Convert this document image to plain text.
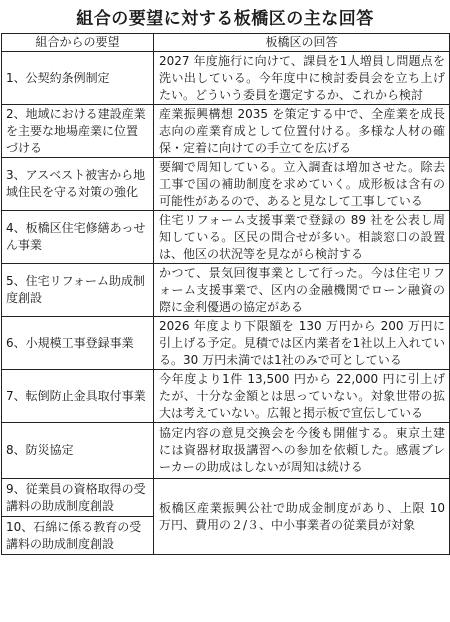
組合の要望に対する板橋区の主な回答
組合からの要望	板橋区の回答
1、公契約条例制定	2027 年度施行に向けて、課員を1人増員し問題点を洗い出している。今年度中に検討委員会を立ち上げたい。どういう委員を選定するか、これから検討
2、地域における建設産業を主要な地場産業に位置づける	産業振興構想 2035 を策定する中で、全産業を成長志向の産業育成として位置付ける。多様な人材の確保・定着に向けての手立てを広げる
3、アスベスト被害から地域住民を守る対策の強化	要綱で周知している。立入調査は増加させた。除去工事で国の補助制度を求めていく。成形板は含有の可能性があるので、あると見なして工事している
4、板橋区住宅修繕あっせん事業	住宅リフォーム支援事業で登録の 89 社を公表し周知している。区民の問合せが多い。相談窓口の設置は、他区の状況等を見ながら検討する
5、住宅リフォーム助成制度創設	かつて、景気回復事業として行った。今は住宅リフォーム支援事業で、区内の金融機関でローン融資の際に金利優遇の協定がある
6、小規模工事登録事業	2026 年度より下限額を 130 万円から 200 万円に引上げる予定。見積では区内業者を1社以上入れている。30 万円未満では1社のみで可としている
7、転倒防止金具取付事業	今年度より1件 13,500 円から 22,000 円に引上げたが、十分な金額とは思っていない。対象世帯の拡大は考えていない。広報と掲示板で宣伝している
8、防災協定	協定内容の意見交換会を今後も開催する。東京土建には資器材取扱講習への参加を依頼した。感震ブレーカーの助成はしないが周知は続ける
9、従業員の資格取得の受講料の助成制度創設	板橋区産業振興公社で助成金制度があり、上限 10 万円、費用の２/３、中小事業者の従業員が対象
10、石綿に係る教育の受講料の助成制度創設	
